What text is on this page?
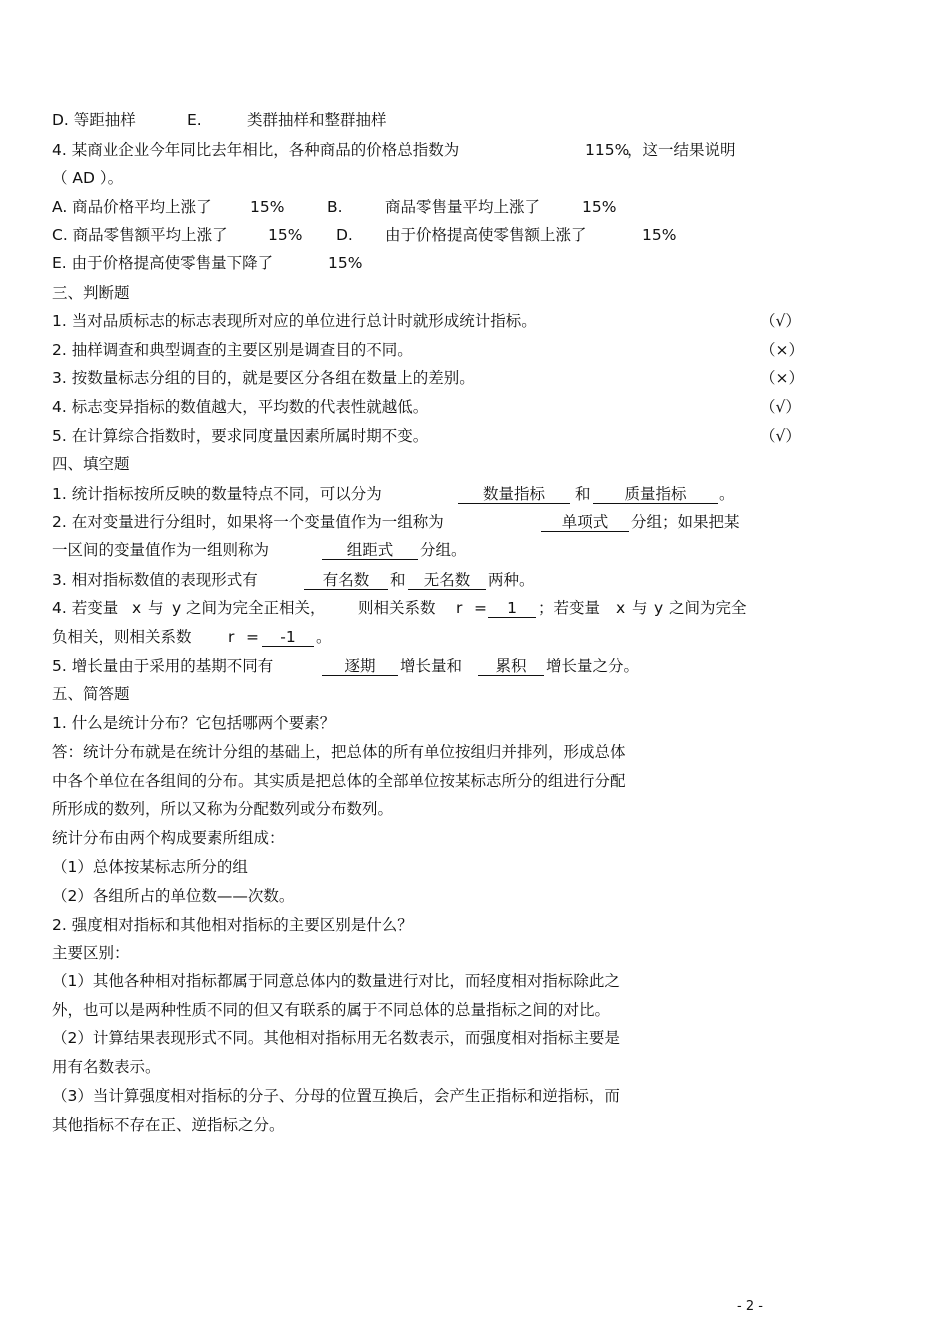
D. 等距抽样	E.	类群抽样和整群抽样
4. 某商业企业今年同比去年相比，各种商品的价格总指数为	115%
，这一结果说明
（ AD ）。
A. 商品价格平均上涨了 15%	B.	商品零售量平均上涨了	15%
C. 商品零售额平均上涨了	15% D. 由于价格提高使零售额上涨了	15%
E. 由于价格提高使零售量下降了	15%
三、判断题
1. 当对品质标志的标志表现所对应的单位进行总计时就形成统计指标。	（√）
2. 抽样调查和典型调查的主要区别是调查目的不同。	（×）
3. 按数量标志分组的目的，就是要区分各组在数量上的差别。	（×）
4. 标志变异指标的数值越大，平均数的代表性就越低。	（√）
5. 在计算综合指数时，要求同度量因素所属时期不变。	（√）
四、填空题
1. 统计指标按所反映的数量特点不同，可以分为	数量指标	和	质量指标	。
2. 在对变量进行分组时，如果将一个变量值作为一组称为	单项式	分组；如果把某
一区间的变量值作为一组则称为	组距式	分组。
3. 相对指标数值的表现形式有	有名数	和	无名数	两种。
4. 若变量 x 与 y 之间为完全正相关， 则相关系数 r =	1	；若变量 x 与 y 之间为完全
负相关，则相关系数 r =	-1	。
5. 增长量由于采用的基期不同有	逐期	增长量和	累积	增长量之分。
五、简答题
1. 什么是统计分布？它包括哪两个要素？
答：统计分布就是在统计分组的基础上，把总体的所有单位按组归并排列，形成总体
中各个单位在各组间的分布。其实质是把总体的全部单位按某标志所分的组进行分配
所形成的数列，所以又称为分配数列或分布数列。
统计分布由两个构成要素所组成：
（1）总体按某标志所分的组
（2）各组所占的单位数——次数。
2. 强度相对指标和其他相对指标的主要区别是什么？
主要区别：
（1）其他各种相对指标都属于同意总体内的数量进行对比，而轻度相对指标除此之
外，也可以是两种性质不同的但又有联系的属于不同总体的总量指标之间的对比。
（2）计算结果表现形式不同。其他相对指标用无名数表示，而强度相对指标主要是
用有名数表示。
（3）当计算强度相对指标的分子、分母的位置互换后，会产生正指标和逆指标，而
其他指标不存在正、逆指标之分。
- 2 -
